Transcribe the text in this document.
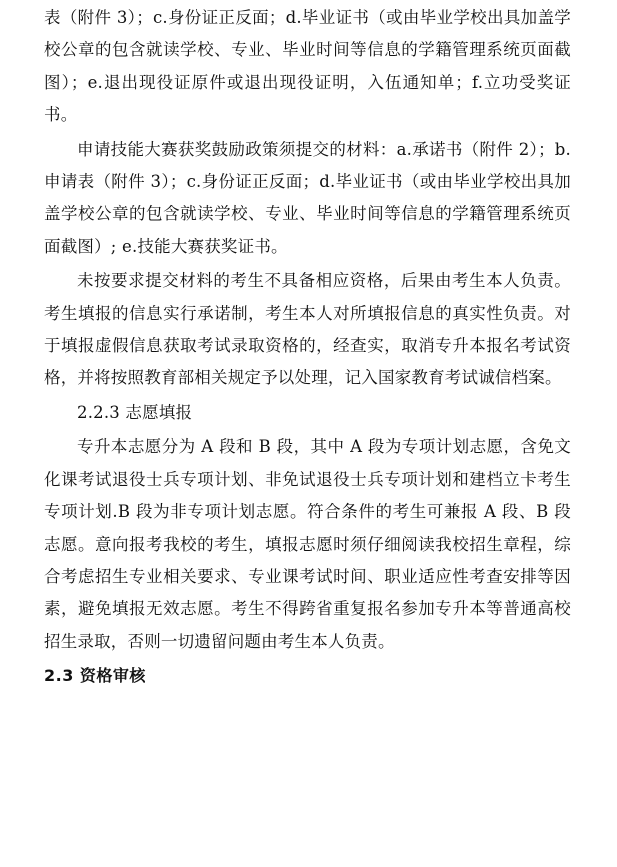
表（附件 3）；c.身份证正反面；d.毕业证书（或由毕业学校出具加盖学校公章的包含就读学校、专业、毕业时间等信息的学籍管理系统页面截图）；e.退出现役证原件或退出现役证明，入伍通知单；f.立功受奖证书。

申请技能大赛获奖鼓励政策须提交的材料：a.承诺书（附件 2）；b.申请表（附件 3）；c.身份证正反面；d.毕业证书（或由毕业学校出具加盖学校公章的包含就读学校、专业、毕业时间等信息的学籍管理系统页面截图）; e.技能大赛获奖证书。

未按要求提交材料的考生不具备相应资格，后果由考生本人负责。考生填报的信息实行承诺制，考生本人对所填报信息的真实性负责。对于填报虚假信息获取考试录取资格的，经查实，取消专升本报名考试资格，并将按照教育部相关规定予以处理，记入国家教育考试诚信档案。

2.2.3 志愿填报

专升本志愿分为 A 段和 B 段，其中 A 段为专项计划志愿，含免文化课考试退役士兵专项计划、非免试退役士兵专项计划和建档立卡考生专项计划.B 段为非专项计划志愿。符合条件的考生可兼报 A 段、B 段志愿。意向报考我校的考生，填报志愿时须仔细阅读我校招生章程，综合考虑招生专业相关要求、专业课考试时间、职业适应性考查安排等因素，避免填报无效志愿。考生不得跨省重复报名参加专升本等普通高校招生录取，否则一切遗留问题由考生本人负责。

2.3 资格审核
